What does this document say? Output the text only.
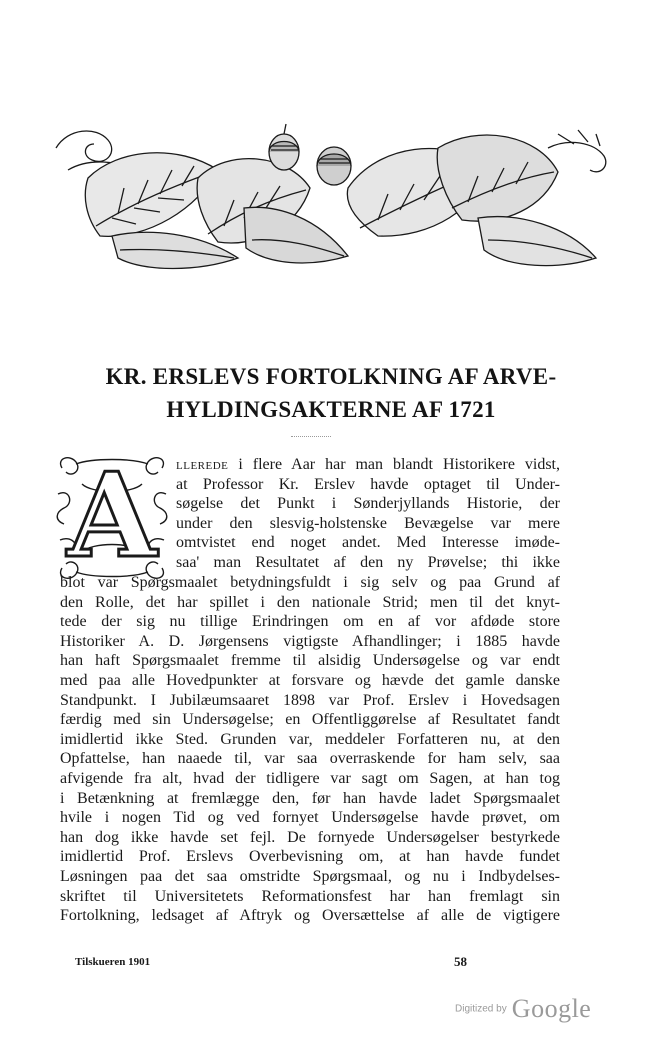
KR. ERSLEVS FORTOLKNING AF ARVE-
HYLDINGSAKTERNE AF 1721
A	llerede i flere Aar har man blandt Historikere vidst,
at Professor Kr. Erslev havde optaget til Under-
søgelse det Punkt i Sønderjyllands Historie, der
under den slesvig-holstenske Bevægelse var mere
omtvistet end noget andet. Med Interesse imøde-
saa' man Resultatet af den ny Prøvelse; thi ikke
blot var Spørgsmaalet betydningsfuldt i sig selv og paa Grund af
den Rolle, det har spillet i den nationale Strid; men til det knyt-
tede der sig nu tillige Erindringen om en af vor afdøde store
Historiker A. D. Jørgensens vigtigste Afhandlinger; i 1885 havde
han haft Spørgsmaalet fremme til alsidig Undersøgelse og var endt
med paa alle Hovedpunkter at forsvare og hævde det gamle danske
Standpunkt. I Jubilæumsaaret 1898 var Prof. Erslev i Hovedsagen
færdig med sin Undersøgelse; en Offentliggørelse af Resultatet fandt
imidlertid ikke Sted. Grunden var, meddeler Forfatteren nu, at den
Opfattelse, han naaede til, var saa overraskende for ham selv, saa
afvigende fra alt, hvad der tidligere var sagt om Sagen, at han tog
i Betænkning at fremlægge den, før han havde ladet Spørgsmaalet
hvile i nogen Tid og ved fornyet Undersøgelse havde prøvet, om
han dog ikke havde set fejl. De fornyede Undersøgelser bestyrkede
imidlertid Prof. Erslevs Overbevisning om, at han havde fundet
Løsningen paa det saa omstridte Spørgsmaal, og nu i Indbydelses-
skriftet til Universitetets Reformationsfest har han fremlagt sin
Fortolkning, ledsaget af Aftryk og Oversættelse af alle de vigtigere
Tilskueren 1901	58
Digitized by Google
